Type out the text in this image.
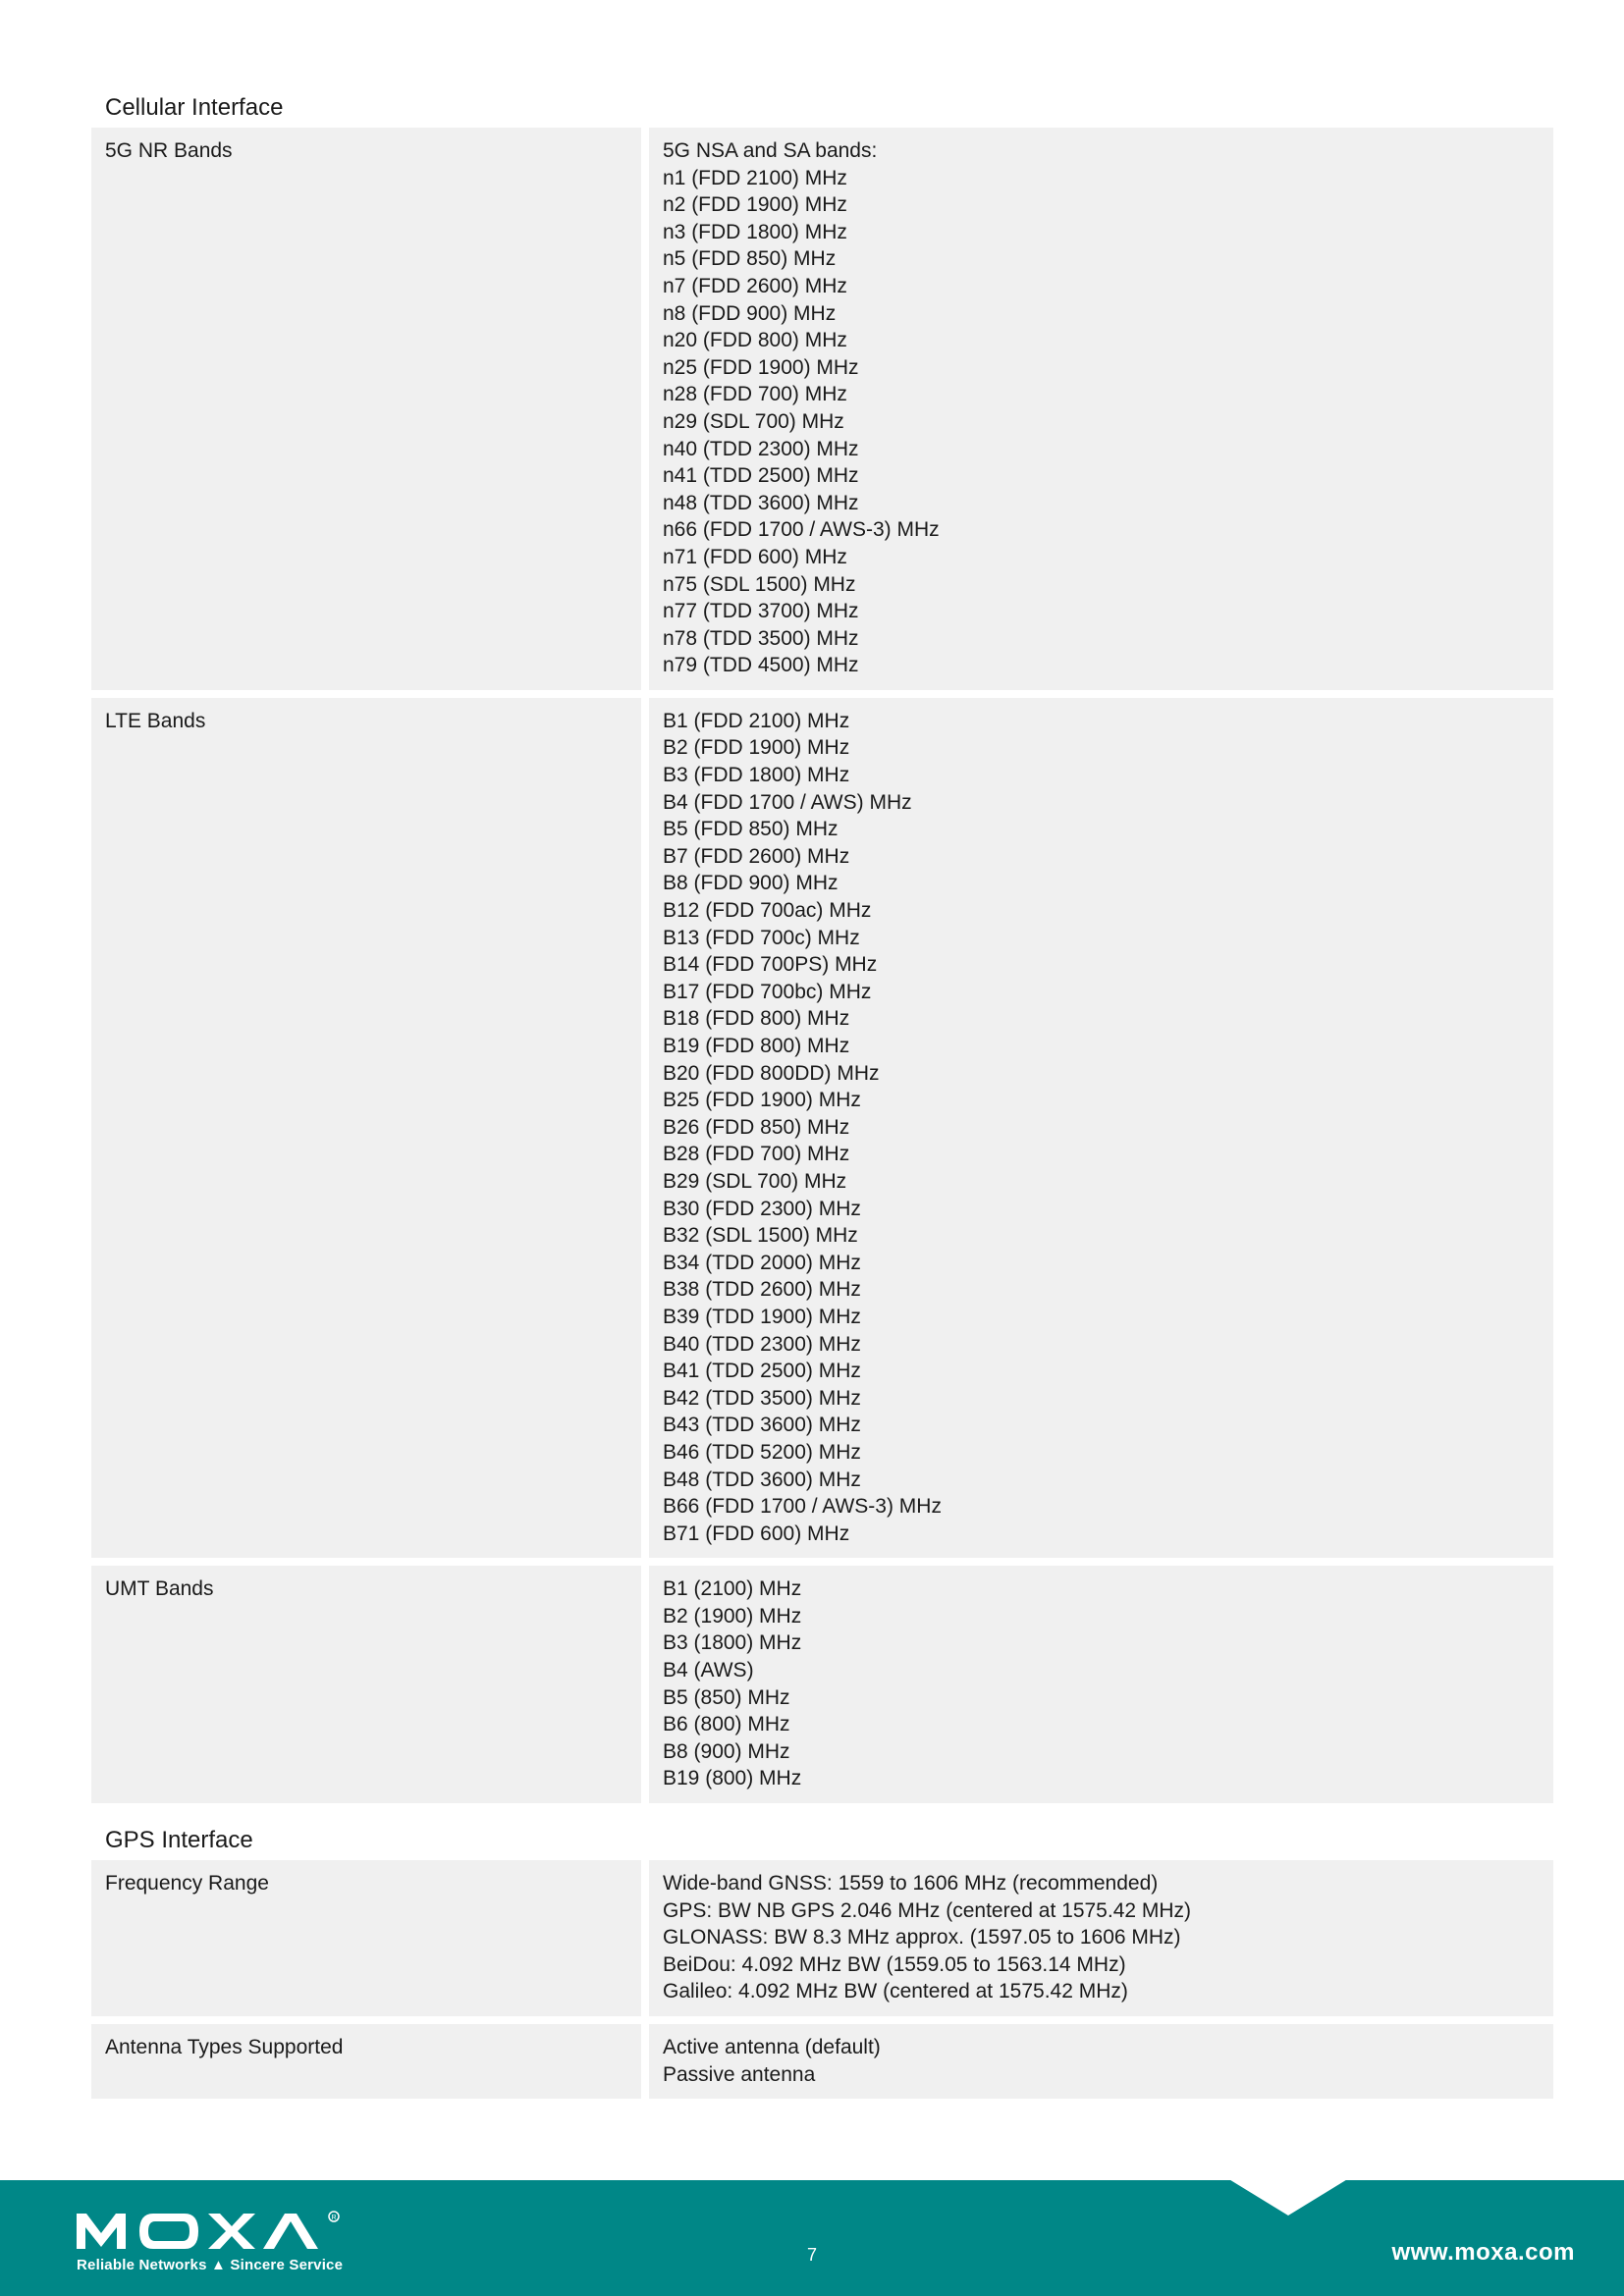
Cellular Interface
5G NR Bands	5G NSA and SA bands:
n1 (FDD 2100) MHz
n2 (FDD 1900) MHz
n3 (FDD 1800) MHz
n5 (FDD 850) MHz
n7 (FDD 2600) MHz
n8 (FDD 900) MHz
n20 (FDD 800) MHz
n25 (FDD 1900) MHz
n28 (FDD 700) MHz
n29 (SDL 700) MHz
n40 (TDD 2300) MHz
n41 (TDD 2500) MHz
n48 (TDD 3600) MHz
n66 (FDD 1700 / AWS-3) MHz
n71 (FDD 600) MHz
n75 (SDL 1500) MHz
n77 (TDD 3700) MHz
n78 (TDD 3500) MHz
n79 (TDD 4500) MHz
LTE Bands	B1 (FDD 2100) MHz
B2 (FDD 1900) MHz
B3 (FDD 1800) MHz
B4 (FDD 1700 / AWS) MHz
B5 (FDD 850) MHz
B7 (FDD 2600) MHz
B8 (FDD 900) MHz
B12 (FDD 700ac) MHz
B13 (FDD 700c) MHz
B14 (FDD 700PS) MHz
B17 (FDD 700bc) MHz
B18 (FDD 800) MHz
B19 (FDD 800) MHz
B20 (FDD 800DD) MHz
B25 (FDD 1900) MHz
B26 (FDD 850) MHz
B28 (FDD 700) MHz
B29 (SDL 700) MHz
B30 (FDD 2300) MHz
B32 (SDL 1500) MHz
B34 (TDD 2000) MHz
B38 (TDD 2600) MHz
B39 (TDD 1900) MHz
B40 (TDD 2300) MHz
B41 (TDD 2500) MHz
B42 (TDD 3500) MHz
B43 (TDD 3600) MHz
B46 (TDD 5200) MHz
B48 (TDD 3600) MHz
B66 (FDD 1700 / AWS-3) MHz
B71 (FDD 600) MHz
UMT Bands	B1 (2100) MHz
B2 (1900) MHz
B3 (1800) MHz
B4 (AWS)
B5 (850) MHz
B6 (800) MHz
B8 (900) MHz
B19 (800) MHz
GPS Interface
Frequency Range	Wide-band GNSS: 1559 to 1606 MHz (recommended)
GPS: BW NB GPS 2.046 MHz (centered at 1575.42 MHz)
GLONASS: BW 8.3 MHz approx. (1597.05 to 1606 MHz)
BeiDou: 4.092 MHz BW (1559.05 to 1563.14 MHz)
Galileo: 4.092 MHz BW (centered at 1575.42 MHz)
Antenna Types Supported	Active antenna (default)
Passive antenna
R
Reliable Networks ▲ Sincere Service
7	www.moxa.com
